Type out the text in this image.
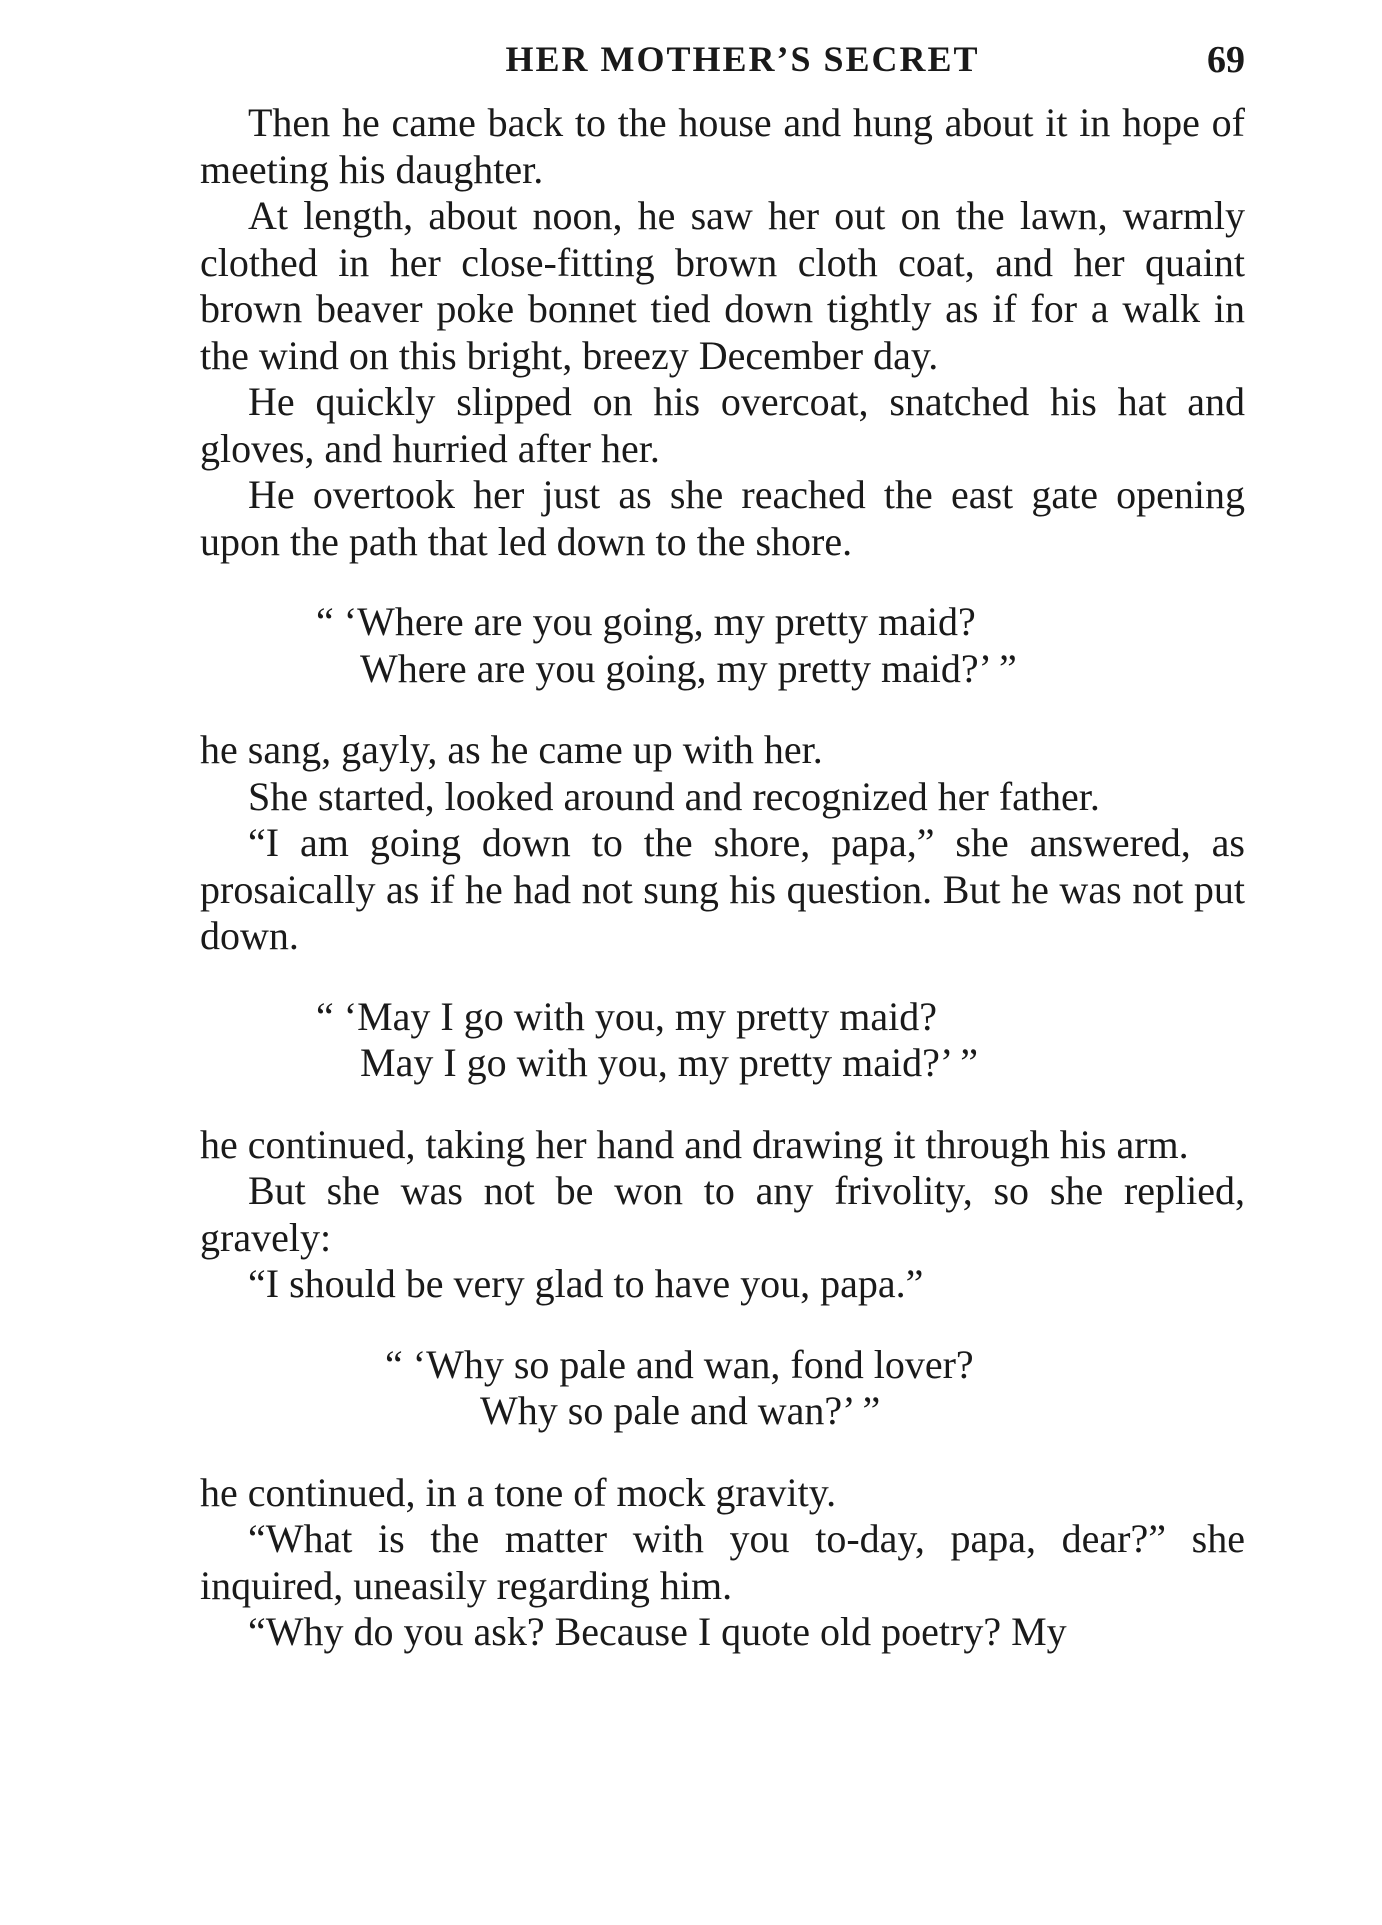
HER MOTHER’S SECRET	69

Then he came back to the house and hung about it in hope of meeting his daughter.

At length, about noon, he saw her out on the lawn, warmly clothed in her close-fitting brown cloth coat, and her quaint brown beaver poke bonnet tied down tightly as if for a walk in the wind on this bright, breezy December day.

He quickly slipped on his overcoat, snatched his hat and gloves, and hurried after her.

He overtook her just as she reached the east gate opening upon the path that led down to the shore.

“ ‘Where are you going, my pretty maid?

Where are you going, my pretty maid?’ ”

he sang, gayly, as he came up with her.

She started, looked around and recognized her father.

“I am going down to the shore, papa,” she answered, as prosaically as if he had not sung his question. But he was not put down.

“ ‘May I go with you, my pretty maid?

May I go with you, my pretty maid?’ ”

he continued, taking her hand and drawing it through his arm.

But she was not be won to any frivolity, so she replied, gravely:

“I should be very glad to have you, papa.”

“ ‘Why so pale and wan, fond lover?

Why so pale and wan?’ ”

he continued, in a tone of mock gravity.

“What is the matter with you to-day, papa, dear?” she inquired, uneasily regarding him.

“Why do you ask? Because I quote old poetry? My
